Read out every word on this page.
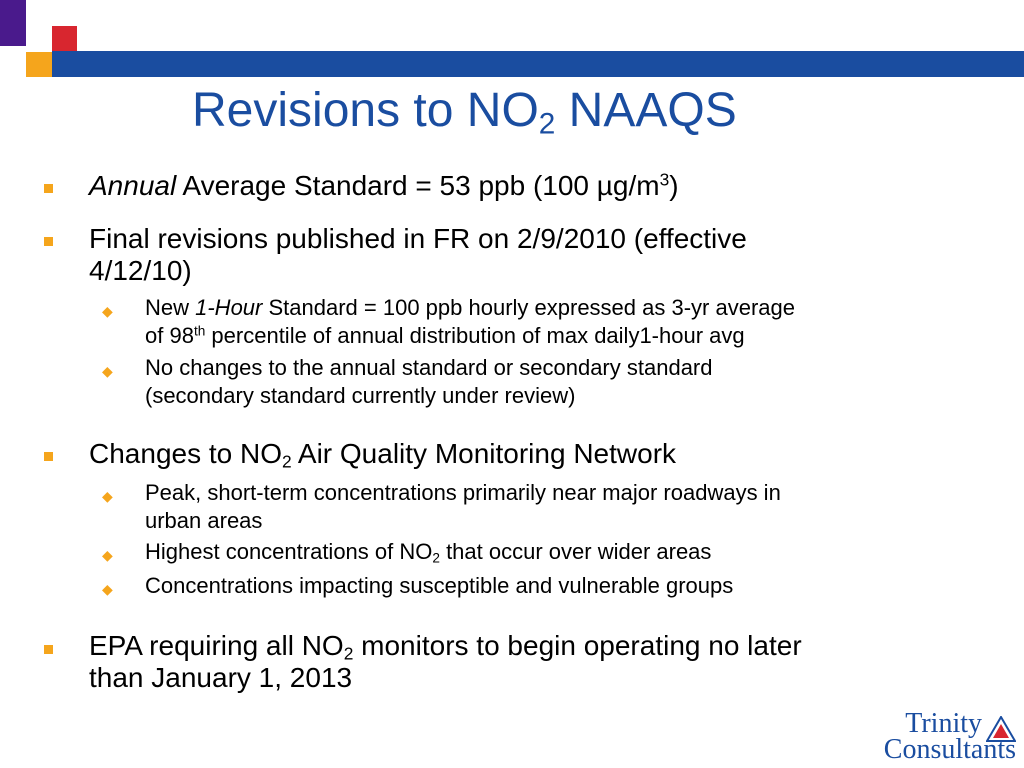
Revisions to $NO_2$ NAAQS
Annual Average Standard = 53 ppb (100 $\mu g/m^3$)
Final revisions published in FR on 2/9/2010 (effective
4/12/10)
◆ New 1-Hour Standard = 100 ppb hourly expressed as 3-yr average
of 98th percentile of annual distribution of max daily1-hour avg
◆ No changes to the annual standard or secondary standard
(secondary standard currently under review)
Changes to $NO_2$ Air Quality Monitoring Network
◆ Peak, short-term concentrations primarily near major roadways in
urban areas
◆ Highest concentrations of $NO_2$ that occur over wider areas
◆ Concentrations impacting susceptible and vulnerable groups
EPA requiring all $NO_2$ monitors to begin operating no later
than January 1, 2013
Trinity
Consultants
